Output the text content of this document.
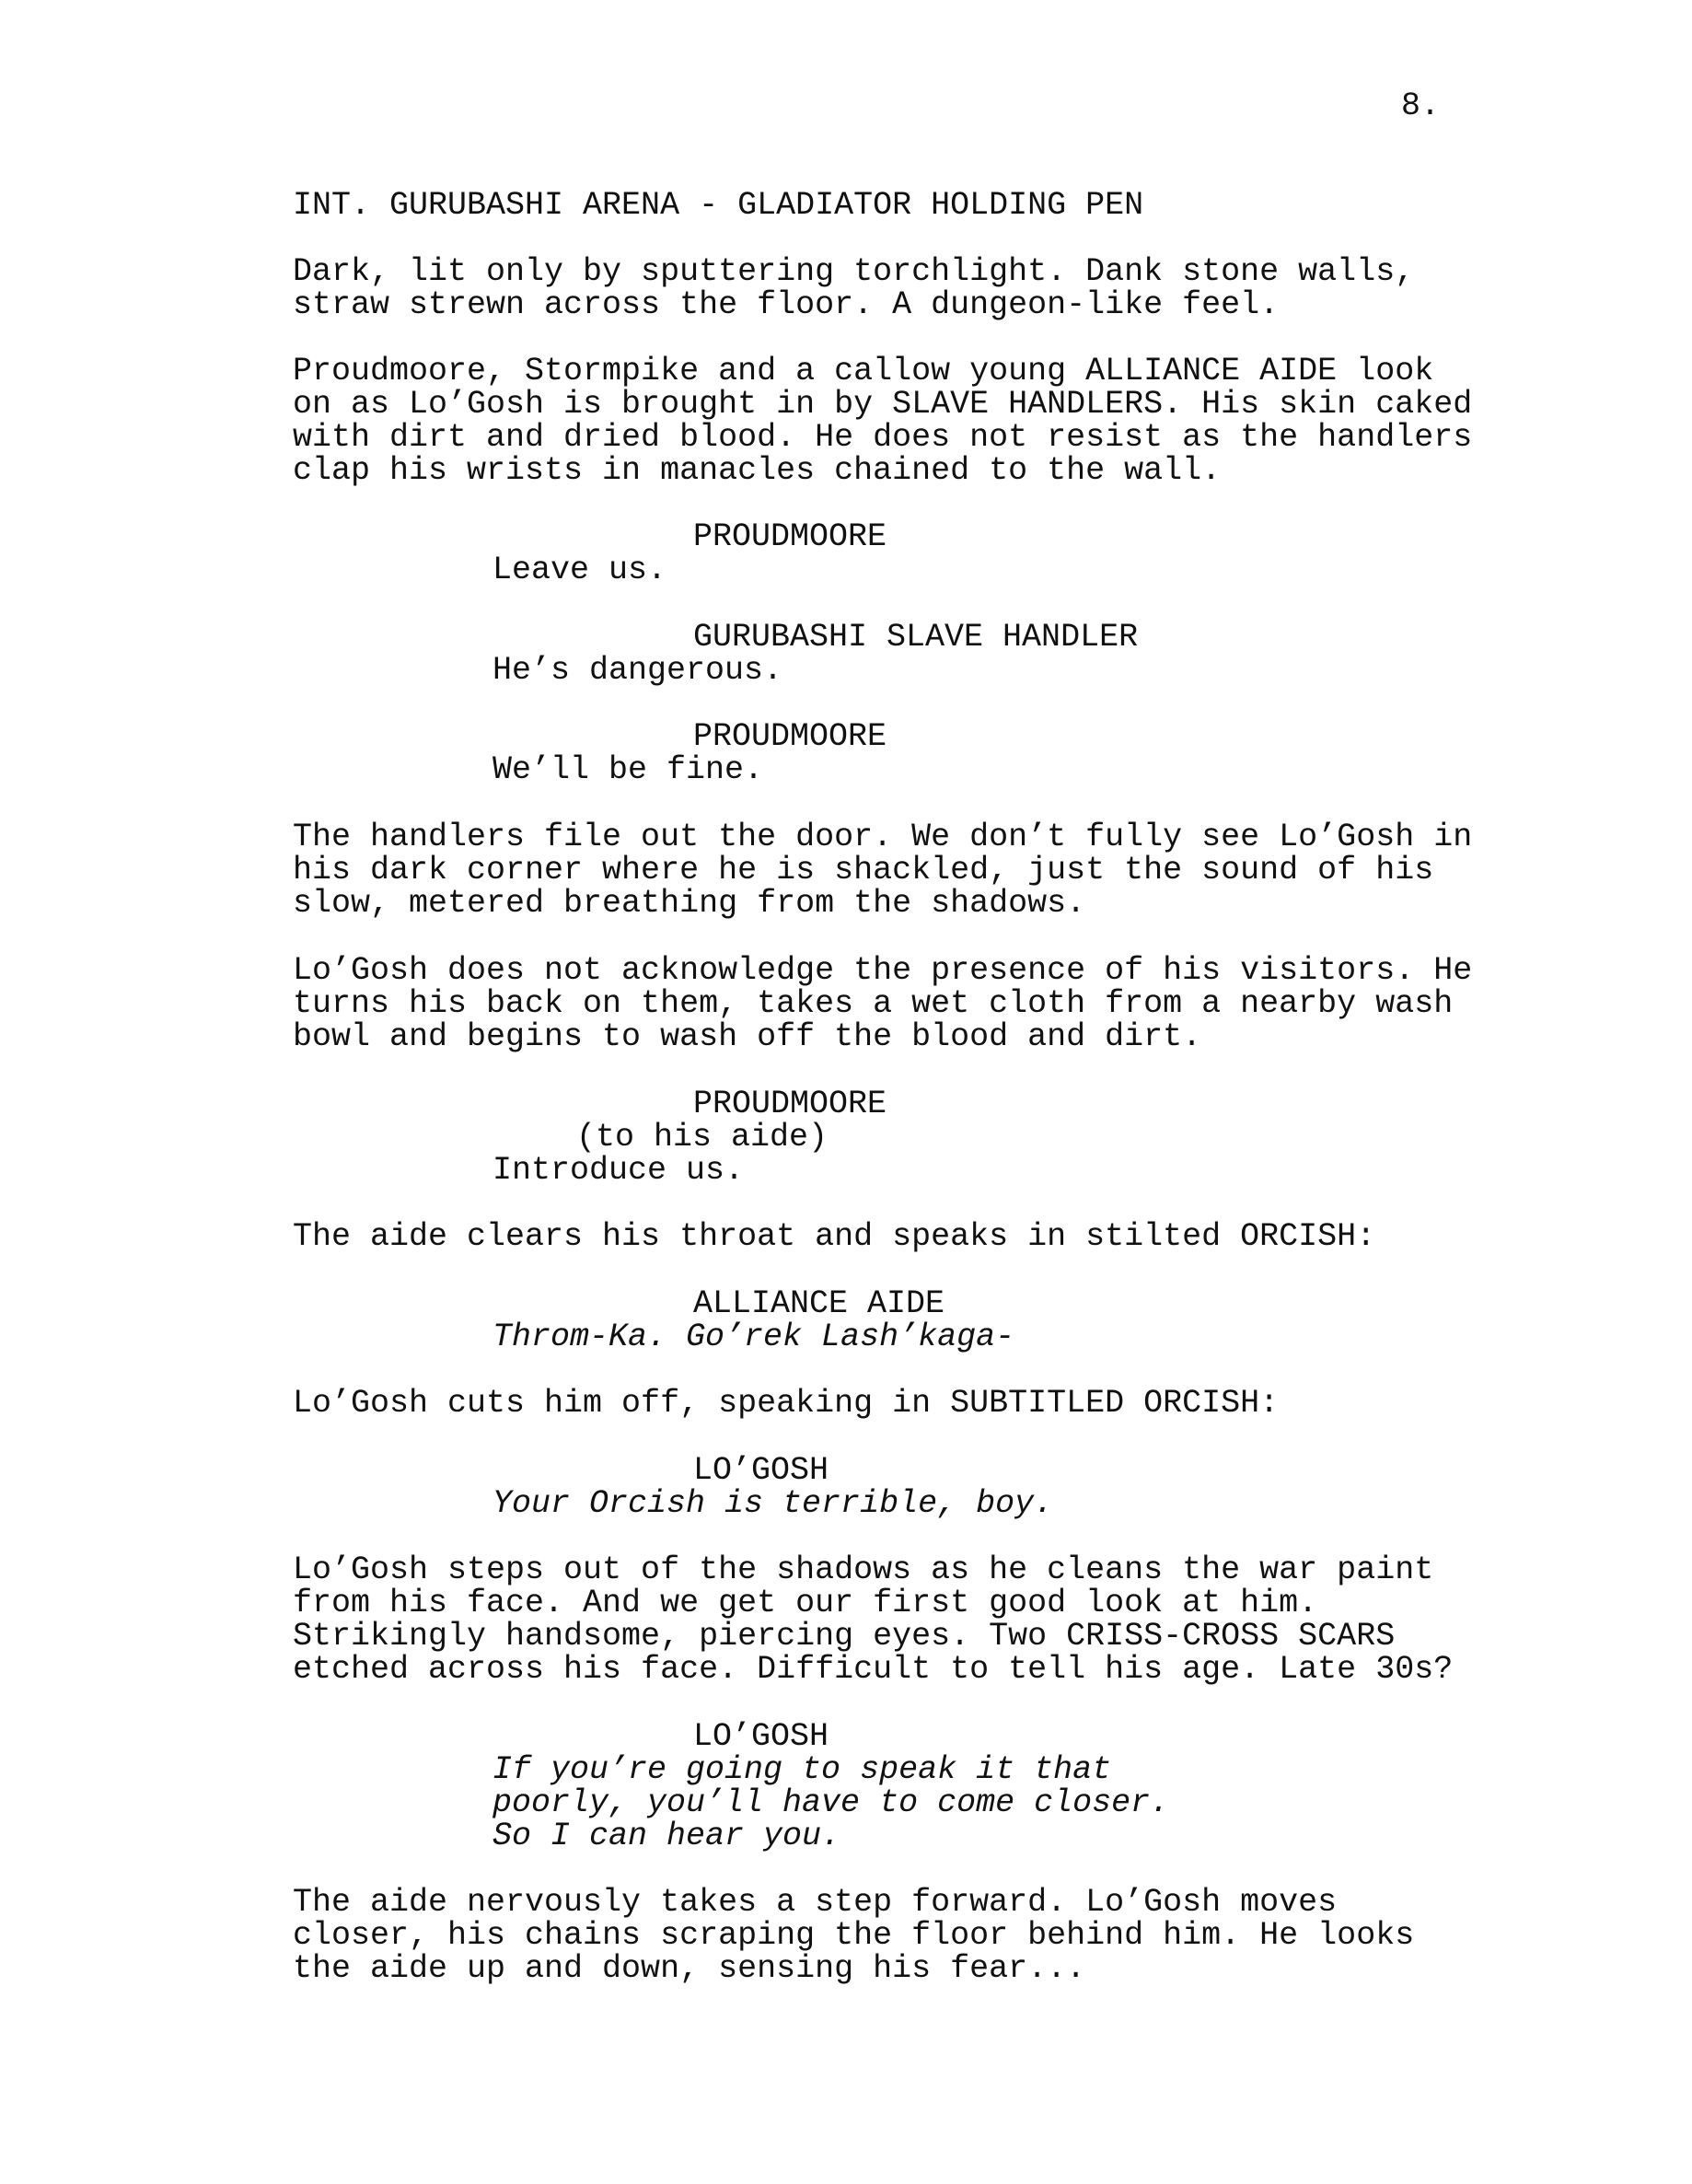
8.
INT. GURUBASHI ARENA - GLADIATOR HOLDING PEN
Dark, lit only by sputtering torchlight. Dank stone walls,
straw strewn across the floor. A dungeon-like feel.
Proudmoore, Stormpike and a callow young ALLIANCE AIDE look
on as Lo’Gosh is brought in by SLAVE HANDLERS. His skin caked
with dirt and dried blood. He does not resist as the handlers
clap his wrists in manacles chained to the wall.
PROUDMOORE
Leave us.
GURUBASHI SLAVE HANDLER
He’s dangerous.
PROUDMOORE
We’ll be fine.
The handlers file out the door. We don’t fully see Lo’Gosh in
his dark corner where he is shackled, just the sound of his
slow, metered breathing from the shadows.
Lo’Gosh does not acknowledge the presence of his visitors. He
turns his back on them, takes a wet cloth from a nearby wash
bowl and begins to wash off the blood and dirt.
PROUDMOORE
(to his aide)
Introduce us.
The aide clears his throat and speaks in stilted ORCISH:
ALLIANCE AIDE
Throm-Ka. Go’rek Lash’kaga-
Lo’Gosh cuts him off, speaking in SUBTITLED ORCISH:
LO’GOSH
Your Orcish is terrible, boy.
Lo’Gosh steps out of the shadows as he cleans the war paint
from his face. And we get our first good look at him.
Strikingly handsome, piercing eyes. Two CRISS-CROSS SCARS
etched across his face. Difficult to tell his age. Late 30s?
LO’GOSH
If you’re going to speak it that
poorly, you’ll have to come closer.
So I can hear you.
The aide nervously takes a step forward. Lo’Gosh moves
closer, his chains scraping the floor behind him. He looks
the aide up and down, sensing his fear...
